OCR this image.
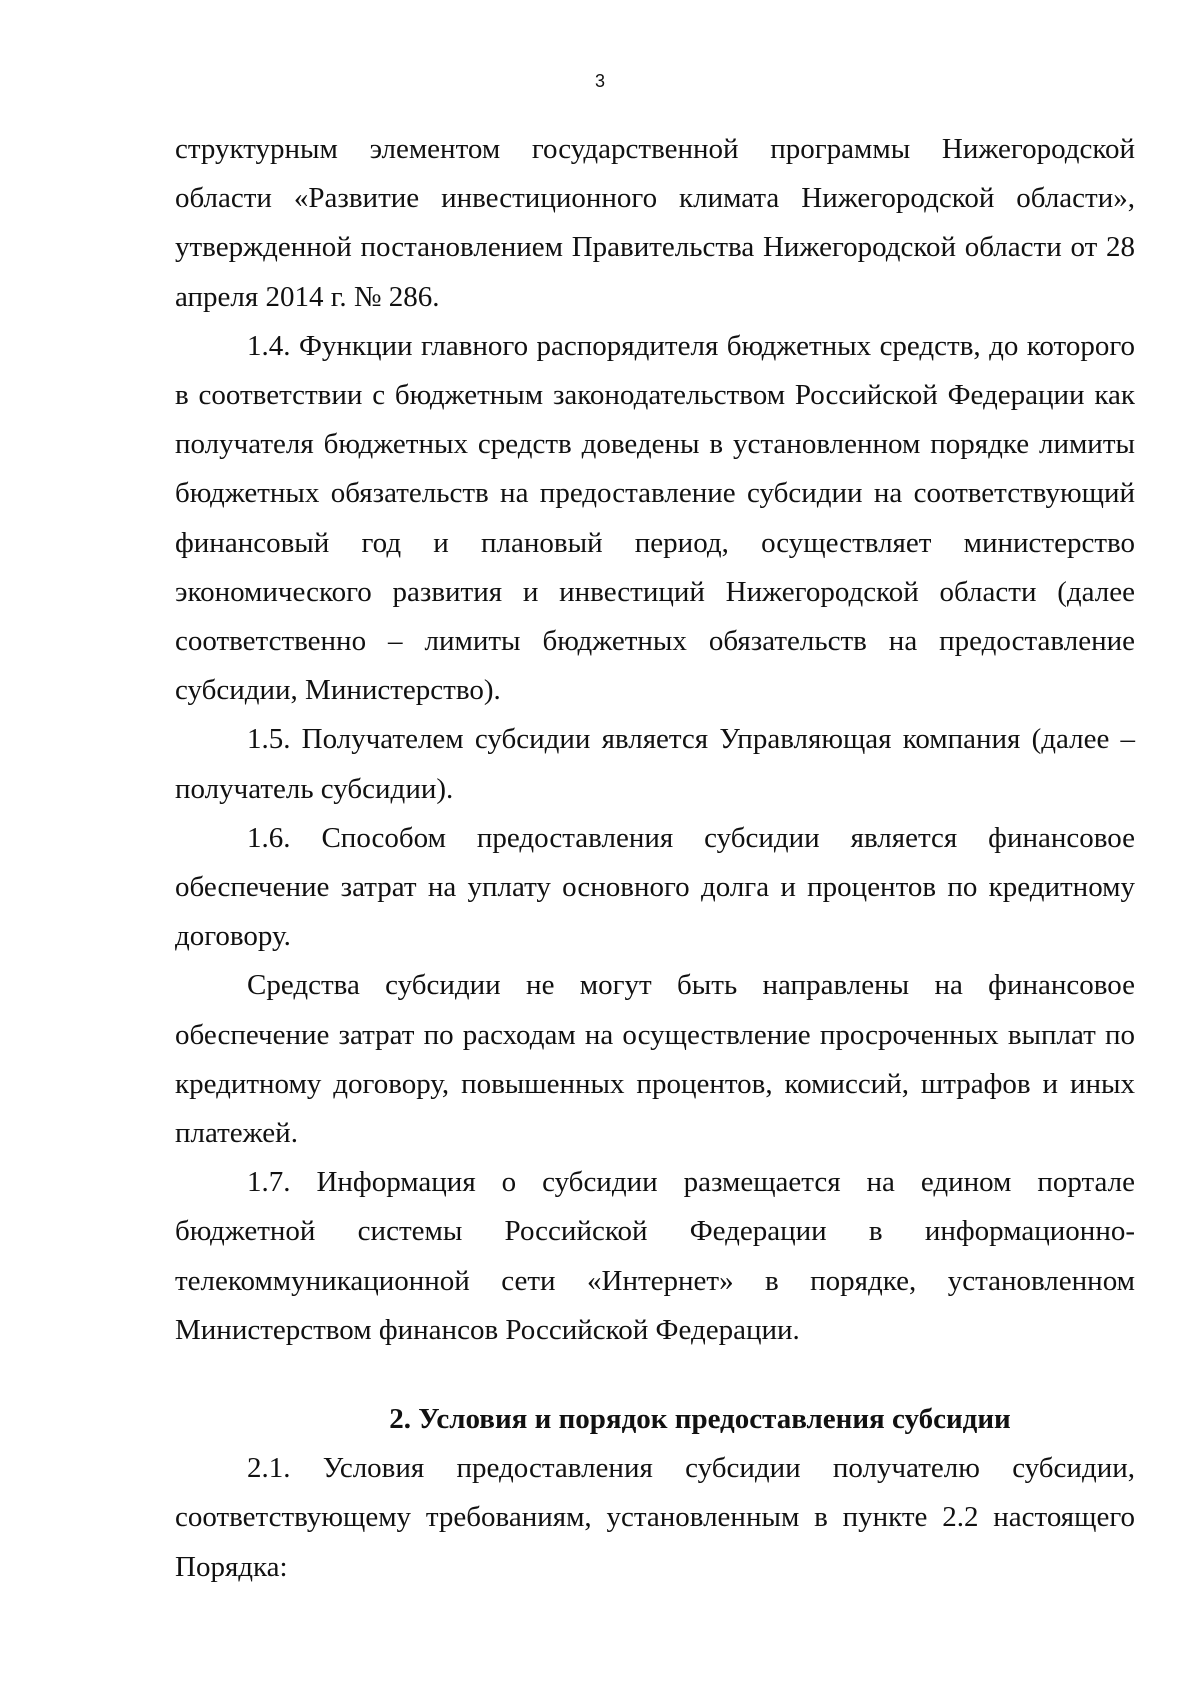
3

структурным элементом государственной программы Нижегородской области «Развитие инвестиционного климата Нижегородской области», утвержденной постановлением Правительства Нижегородской области от 28 апреля 2014 г. № 286.

1.4. Функции главного распорядителя бюджетных средств, до которого в соответствии с бюджетным законодательством Российской Федерации как получателя бюджетных средств доведены в установленном порядке лимиты бюджетных обязательств на предоставление субсидии на соответствующий финансовый год и плановый период, осуществляет министерство экономического развития и инвестиций Нижегородской области (далее соответственно – лимиты бюджетных обязательств на предоставление субсидии, Министерство).

1.5. Получателем субсидии является Управляющая компания (далее – получатель субсидии).

1.6. Способом предоставления субсидии является финансовое обеспечение затрат на уплату основного долга и процентов по кредитному договору.

Средства субсидии не могут быть направлены на финансовое обеспечение затрат по расходам на осуществление просроченных выплат по кредитному договору, повышенных процентов, комиссий, штрафов и иных платежей.

1.7. Информация о субсидии размещается на едином портале бюджетной системы Российской Федерации в информационно-телекоммуникационной сети «Интернет» в порядке, установленном Министерством финансов Российской Федерации.

2. Условия и порядок предоставления субсидии

2.1. Условия предоставления субсидии получателю субсидии, соответствующему требованиям, установленным в пункте 2.2 настоящего Порядка:
